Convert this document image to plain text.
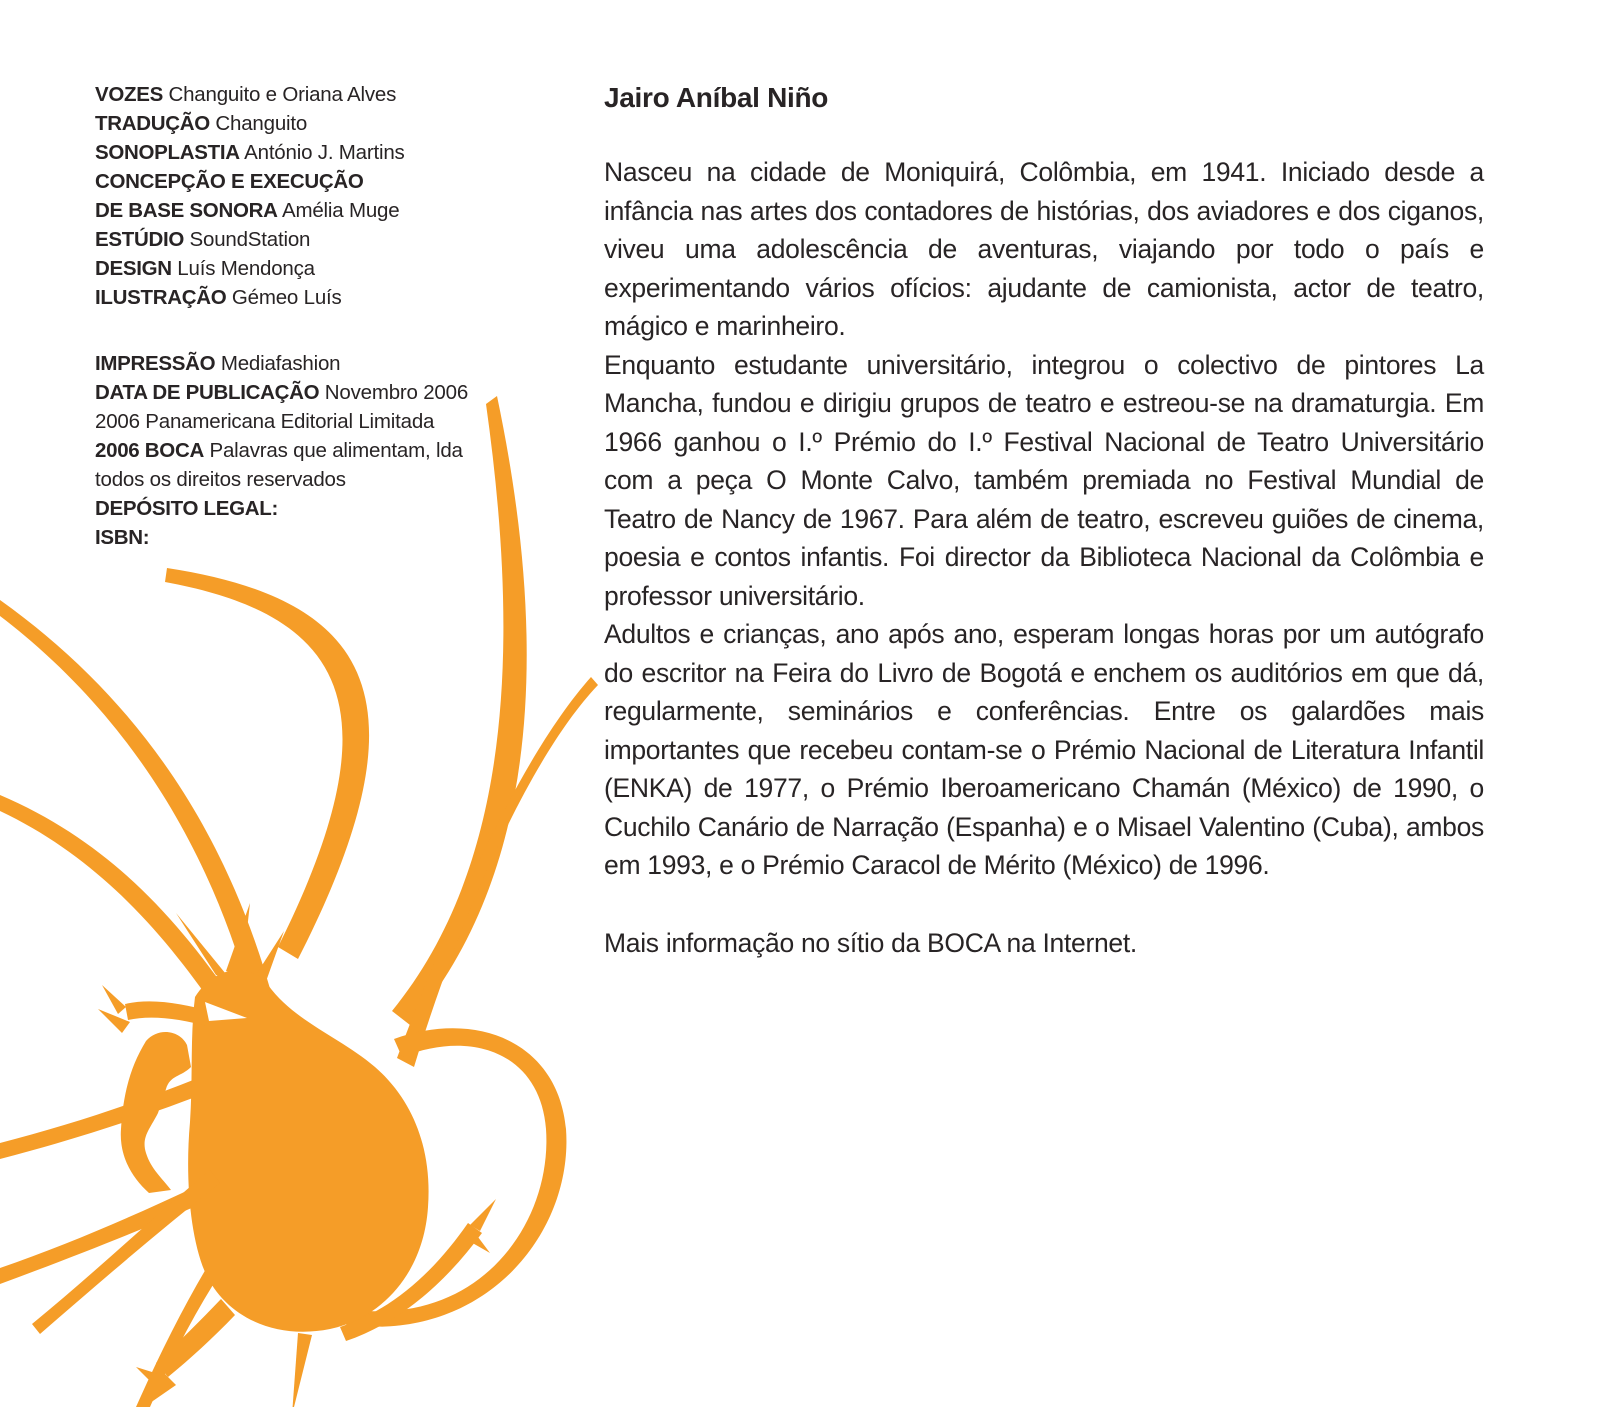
VOZES Changuito e Oriana Alves
TRADUÇÃO Changuito
SONOPLASTIA António J. Martins
CONCEPÇÃO E EXECUÇÃO
DE BASE SONORA Amélia Muge
ESTÚDIO SoundStation
DESIGN Luís Mendonça
ILUSTRAÇÃO Gémeo Luís
IMPRESSÃO Mediafashion
DATA DE PUBLICAÇÃO Novembro 2006
2006 Panamericana Editorial Limitada
2006 BOCA Palavras que alimentam, lda
todos os direitos reservados
DEPÓSITO LEGAL:
ISBN:
Jairo Aníbal Niño

Nasceu na cidade de Moniquirá, Colômbia, em 1941. Iniciado desde a infância nas artes dos contadores de histórias, dos aviadores e dos ciganos, viveu uma adolescência de aventuras, viajando por todo o país e experimentando vários ofícios: ajudante de camionista, actor de teatro, mágico e marinheiro.

Enquanto estudante universitário, integrou o colectivo de pintores La Mancha, fundou e dirigiu grupos de teatro e estreou-se na dramaturgia. Em 1966 ganhou o I.º Prémio do I.º Festival Nacional de Teatro Universitário com a peça O Monte Calvo, também premiada no Festival Mundial de Teatro de Nancy de 1967. Para além de teatro, escreveu guiões de cinema, poesia e contos infantis. Foi director da Biblioteca Nacional da Colômbia e professor universitário.

Adultos e crianças, ano após ano, esperam longas horas por um autógrafo do escritor na Feira do Livro de Bogotá e enchem os auditórios em que dá, regularmente, seminários e conferências. Entre os galardões mais importantes que recebeu contam-se o Prémio Nacional de Literatura Infantil (ENKA) de 1977, o Prémio Iberoamericano Chamán (México) de 1990, o Cuchilo Canário de Narração (Espanha) e o Misael Valentino (Cuba), ambos em 1993, e o Prémio Caracol de Mérito (México) de 1996.

Mais informação no sítio da BOCA na Internet.
